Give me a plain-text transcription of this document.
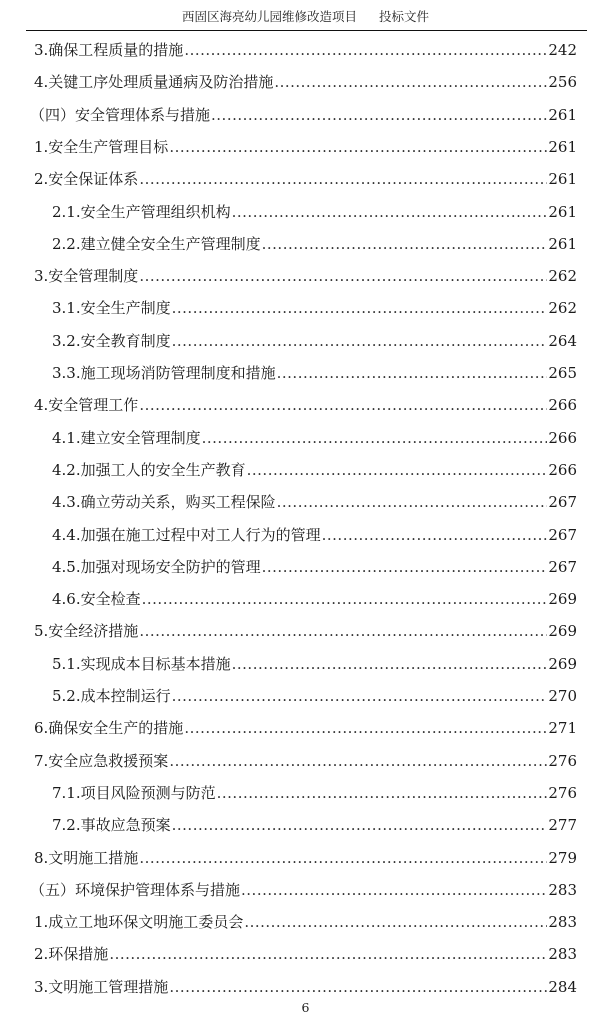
西固区海亮幼儿园维修改造项目 投标文件
3.确保工程质量的措施 .....	242
4.关键工序处理质量通病及防治措施 .....	256
（四）安全管理体系与措施 .....	261
1.安全生产管理目标 .....	261
2.安全保证体系 .....	261
2.1.安全生产管理组织机构 .....	261
2.2.建立健全安全生产管理制度 .....	261
3.安全管理制度 .....	262
3.1.安全生产制度 .....	262
3.2.安全教育制度 .....	264
3.3.施工现场消防管理制度和措施 .....	265
4.安全管理工作 .....	266
4.1.建立安全管理制度 .....	266
4.2.加强工人的安全生产教育 .....	266
4.3.确立劳动关系，购买工程保险 .....	267
4.4.加强在施工过程中对工人行为的管理 .....	267
4.5.加强对现场安全防护的管理 .....	267
4.6.安全检查 .....	269
5.安全经济措施 .....	269
5.1.实现成本目标基本措施 .....	269
5.2.成本控制运行 .....	270
6.确保安全生产的措施 .....	271
7.安全应急救援预案 .....	276
7.1.项目风险预测与防范 .....	276
7.2.事故应急预案 .....	277
8.文明施工措施 .....	279
（五）环境保护管理体系与措施 .....	283
1.成立工地环保文明施工委员会 .....	283
2.环保措施 .....	283
3.文明施工管理措施 .....	284
6
